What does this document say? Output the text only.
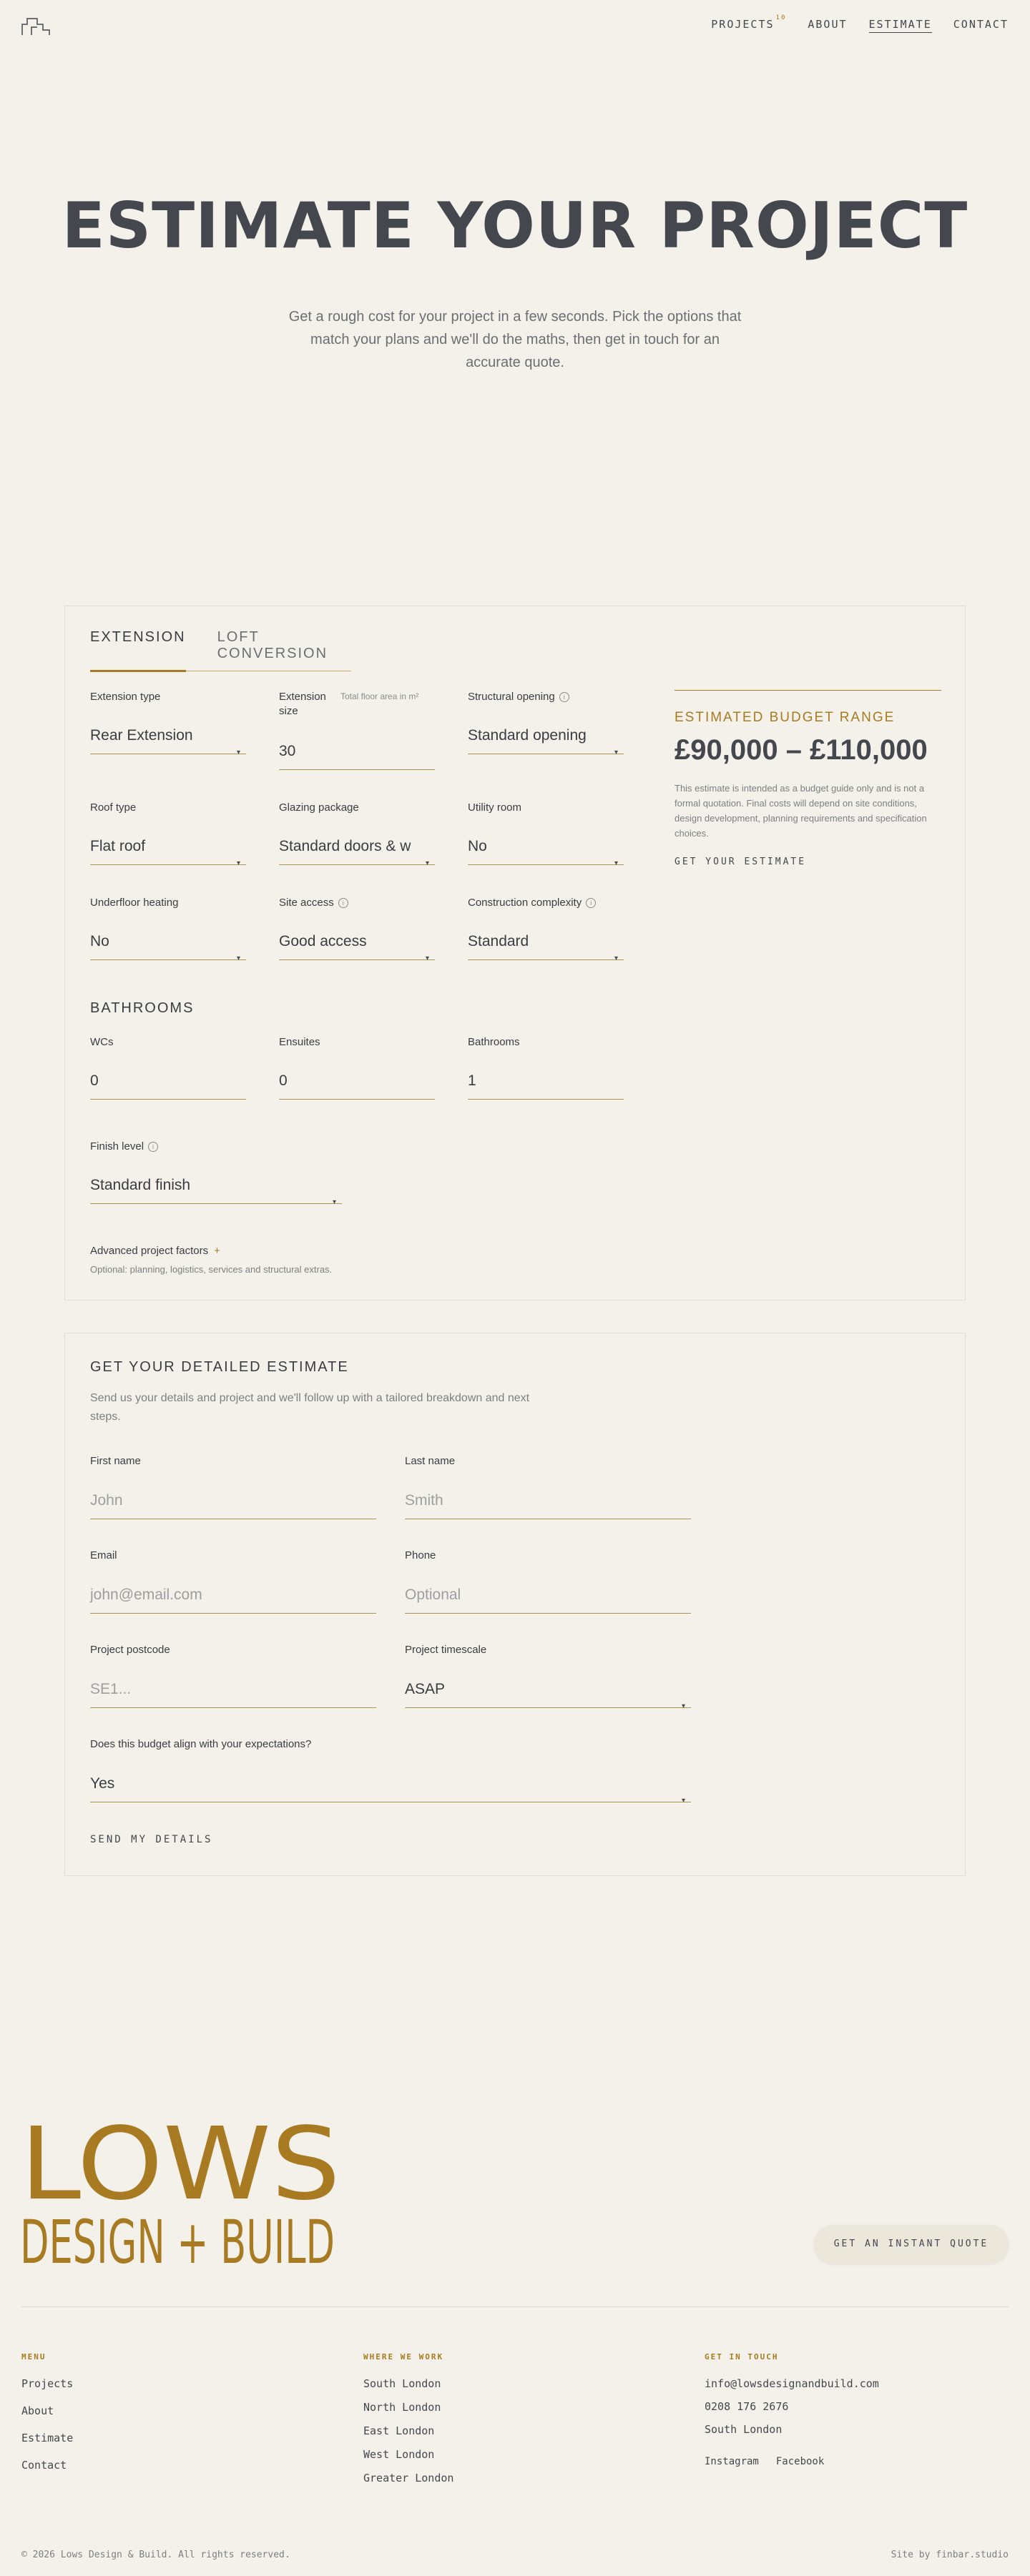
PROJECTS $^{10}$ ABOUT ESTIMATE CONTACT
ESTIMATE YOUR PROJECT

Get a rough cost for your project in a few seconds. Pick the options that match your plans and we'll do the maths, then get in touch for an accurate quote.

EXTENSION LOFT CONVERSION
Extension type
Rear Extension
▾
Extension size
Total floor area in m²
30
Structural opening	i
Standard opening
▾
Roof type
Flat roof
▾
Glazing package
Standard doors & w
▾
Utility room
No
▾
Underfloor heating
No
▾
Site access	i
Good access
▾
Construction complexity	i
Standard
▾
BATHROOMS
WCs
0
Ensuites
0
Bathrooms
1
Finish level	i
Standard finish
▾
Advanced project factors +
Optional: planning, logistics, services and structural extras.
ESTIMATED BUDGET RANGE
£90,000 – £110,000
This estimate is intended as a budget guide only and is not a formal quotation. Final costs will depend on site conditions, design development, planning requirements and specification choices.
GET YOUR ESTIMATE
GET YOUR DETAILED ESTIMATE
Send us your details and project and we'll follow up with a tailored breakdown and next steps.
First name
John
Last name
Smith
Email
john@email.com
Phone
Optional
Project postcode
SE1...
Project timescale
ASAP
▾
Does this budget align with your expectations?
Yes
▾
SEND MY DETAILS
LOWS
DESIGN + BUILD	GET AN INSTANT QUOTE
MENU
Projects
About
Estimate
Contact
WHERE WE WORK
South London
North London
East London
West London
Greater London
GET IN TOUCH
info@lowsdesignandbuild.com
0208 176 2676
South London
Instagram Facebook
© 2026 Lows Design & Build. All rights reserved.	Site by finbar.studio
